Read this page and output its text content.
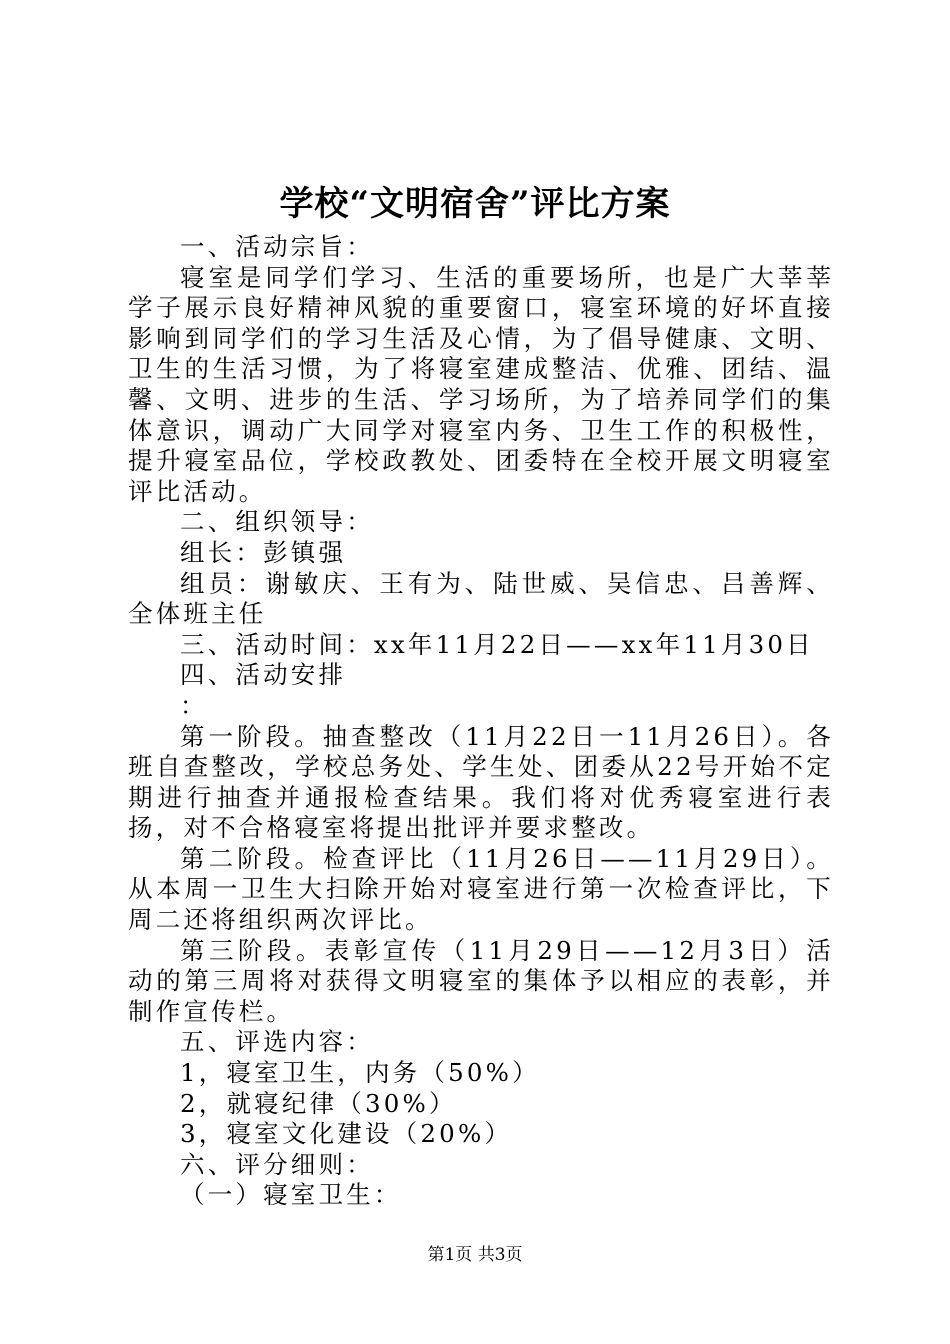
学校“文明宿舍”评比方案

一、活动宗旨：

寝室是同学们学习、生活的重要场所，也是广大莘莘学子展示良好精神风貌的重要窗口，寝室环境的好坏直接影响到同学们的学习生活及心情，为了倡导健康、文明、卫生的生活习惯，为了将寝室建成整洁、优雅、团结、温馨、文明、进步的生活、学习场所，为了培养同学们的集体意识，调动广大同学对寝室内务、卫生工作的积极性，提升寝室品位，学校政教处、团委特在全校开展文明寝室评比活动。

二、组织领导：

组长：彭镇强

组员：谢敏庆、王有为、陆世威、吴信忠、吕善辉、全体班主任

三、活动时间：xx年11月22日——xx年11月30日

四、活动安排

：

第一阶段。抽查整改（11月22日一11月26日）。各班自查整改，学校总务处、学生处、团委从22号开始不定期进行抽查并通报检查结果。我们将对优秀寝室进行表扬，对不合格寝室将提出批评并要求整改。

第二阶段。检查评比（11月26日——11月29日）。从本周一卫生大扫除开始对寝室进行第一次检查评比，下周二还将组织两次评比。

第三阶段。表彰宣传（11月29日——12月3日）活动的第三周将对获得文明寝室的集体予以相应的表彰，并制作宣传栏。

五、评选内容：

1，寝室卫生，内务（50%）

2，就寝纪律（30%）

3，寝室文化建设（20%）

六、评分细则：

（一）寝室卫生：

第1页 共3页
